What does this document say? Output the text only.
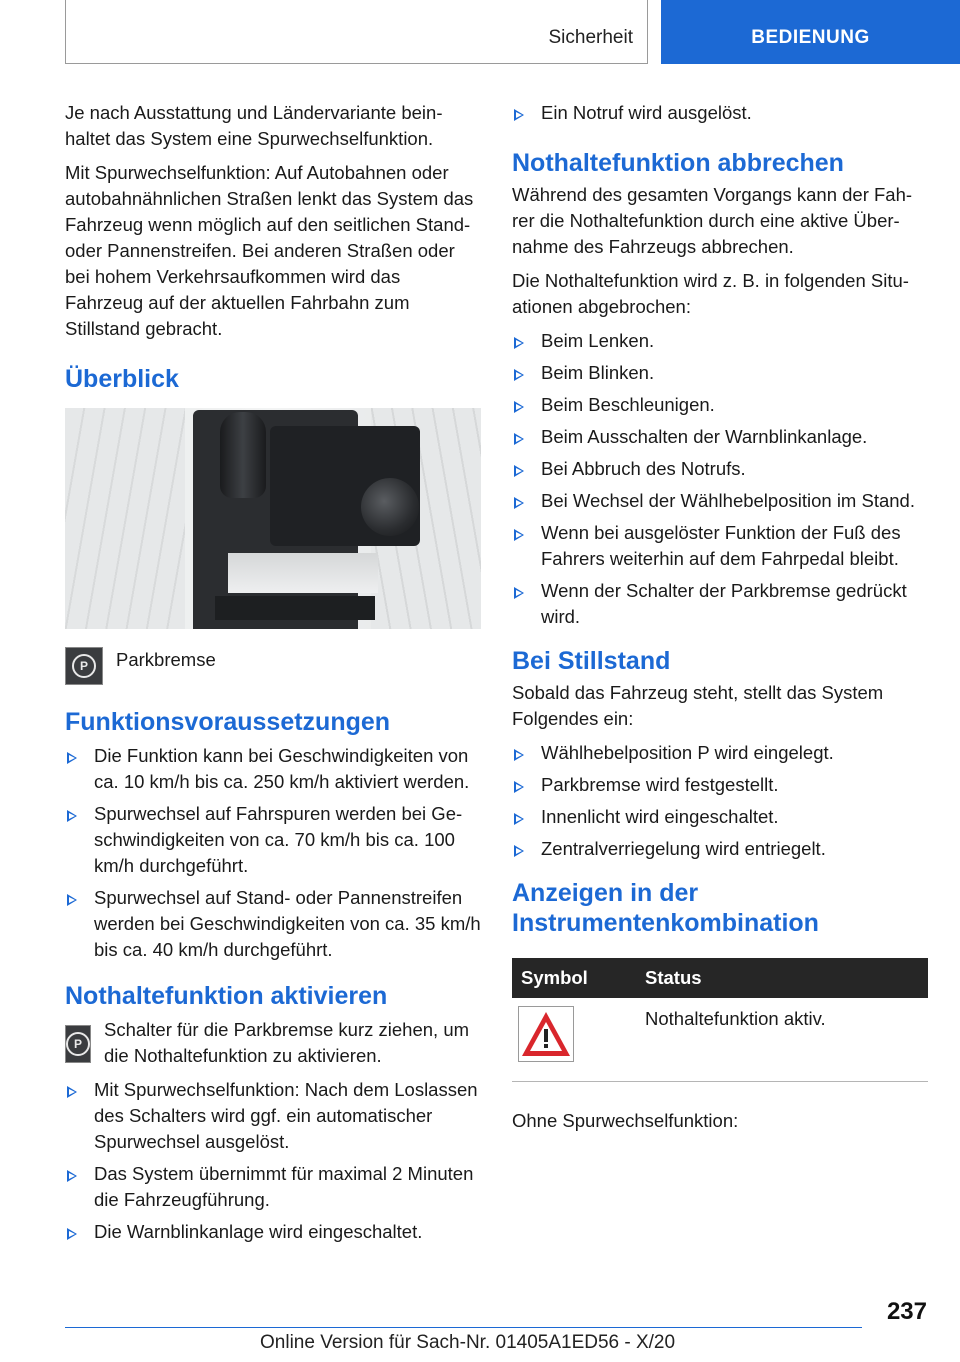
Sicherheit	BEDIENUNG

Je nach Ausstattung und Ländervariante beinhaltet das System eine Spurwechselfunktion.

Mit Spurwechselfunktion: Auf Autobahnen oder autobahnähnlichen Straßen lenkt das System das Fahrzeug wenn möglich auf den seitlichen Stand- oder Pannenstreifen. Bei anderen Straßen oder bei hohem Verkehrsaufkommen wird das Fahrzeug auf der aktuellen Fahrbahn zum Stillstand gebracht.

Überblick
P Parkbremse
Funktionsvoraussetzungen
Die Funktion kann bei Geschwindigkeiten von ca. 10 km/h bis ca. 250 km/h aktiviert werden.
Spurwechsel auf Fahrspuren werden bei Geschwindigkeiten von ca. 70 km/h bis ca. 100 km/h durchgeführt.
Spurwechsel auf Stand- oder Pannenstreifen werden bei Geschwindigkeiten von ca. 35 km/h bis ca. 40 km/h durchgeführt.
Nothaltefunktion aktivieren
P
Schalter für die Parkbremse kurz ziehen, um die Nothaltefunktion zu aktivieren.
Mit Spurwechselfunktion: Nach dem Loslassen des Schalters wird ggf. ein automatischer Spurwechsel ausgelöst.
Das System übernimmt für maximal 2 Minuten die Fahrzeugführung.
Die Warnblinkanlage wird eingeschaltet.
Ein Notruf wird ausgelöst.
Nothaltefunktion abbrechen

Während des gesamten Vorgangs kann der Fahrer die Nothaltefunktion durch eine aktive Übernahme des Fahrzeugs abbrechen.

Die Nothaltefunktion wird z. B. in folgenden Situationen abgebrochen:

Beim Lenken.
Beim Blinken.
Beim Beschleunigen.
Beim Ausschalten der Warnblinkanlage.
Bei Abbruch des Notrufs.
Bei Wechsel der Wählhebelposition im Stand.
Wenn bei ausgelöster Funktion der Fuß des Fahrers weiterhin auf dem Fahrpedal bleibt.
Wenn der Schalter der Parkbremse gedrückt wird.
Bei Stillstand

Sobald das Fahrzeug steht, stellt das System Folgendes ein:

Wählhebelposition P wird eingelegt.
Parkbremse wird festgestellt.
Innenlicht wird eingeschaltet.
Zentralverriegelung wird entriegelt.
Anzeigen in der
Instrumentenkombination
Symbol	Status
	Nothaltefunktion aktiv.

Ohne Spurwechselfunktion:

237
Online Version für Sach-Nr. 01405A1ED56 - X/20
